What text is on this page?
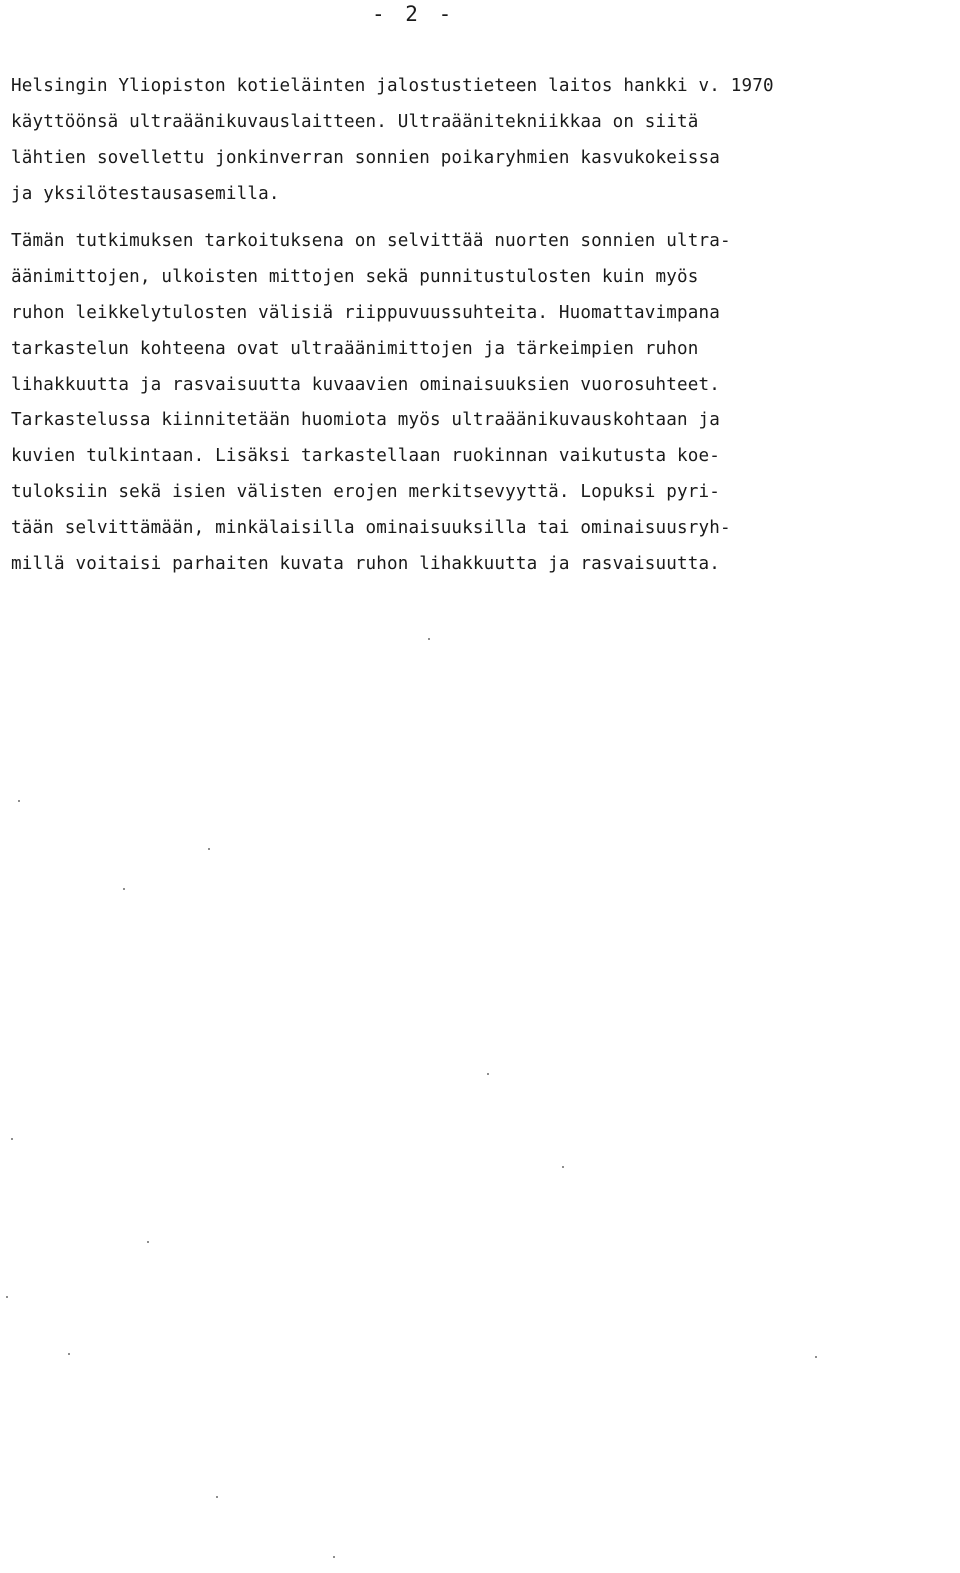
- 2 -
Helsingin Yliopiston kotieläinten jalostustieteen laitos hankki v. 1970
käyttöönsä ultraäänikuvauslaitteen. Ultraäänitekniikkaa on siitä
lähtien sovellettu jonkinverran sonnien poikaryhmien kasvukokeissa
ja yksilötestausasemilla.
Tämän tutkimuksen tarkoituksena on selvittää nuorten sonnien ultra-
äänimittojen, ulkoisten mittojen sekä punnitustulosten kuin myös
ruhon leikkelytulosten välisiä riippuvuussuhteita. Huomattavimpana
tarkastelun kohteena ovat ultraäänimittojen ja tärkeimpien ruhon
lihakkuutta ja rasvaisuutta kuvaavien ominaisuuksien vuorosuhteet.
Tarkastelussa kiinnitetään huomiota myös ultraäänikuvauskohtaan ja
kuvien tulkintaan. Lisäksi tarkastellaan ruokinnan vaikutusta koe-
tuloksiin sekä isien välisten erojen merkitsevyyttä. Lopuksi pyri-
tään selvittämään, minkälaisilla ominaisuuksilla tai ominaisuusryh-
millä voitaisi parhaiten kuvata ruhon lihakkuutta ja rasvaisuutta.
